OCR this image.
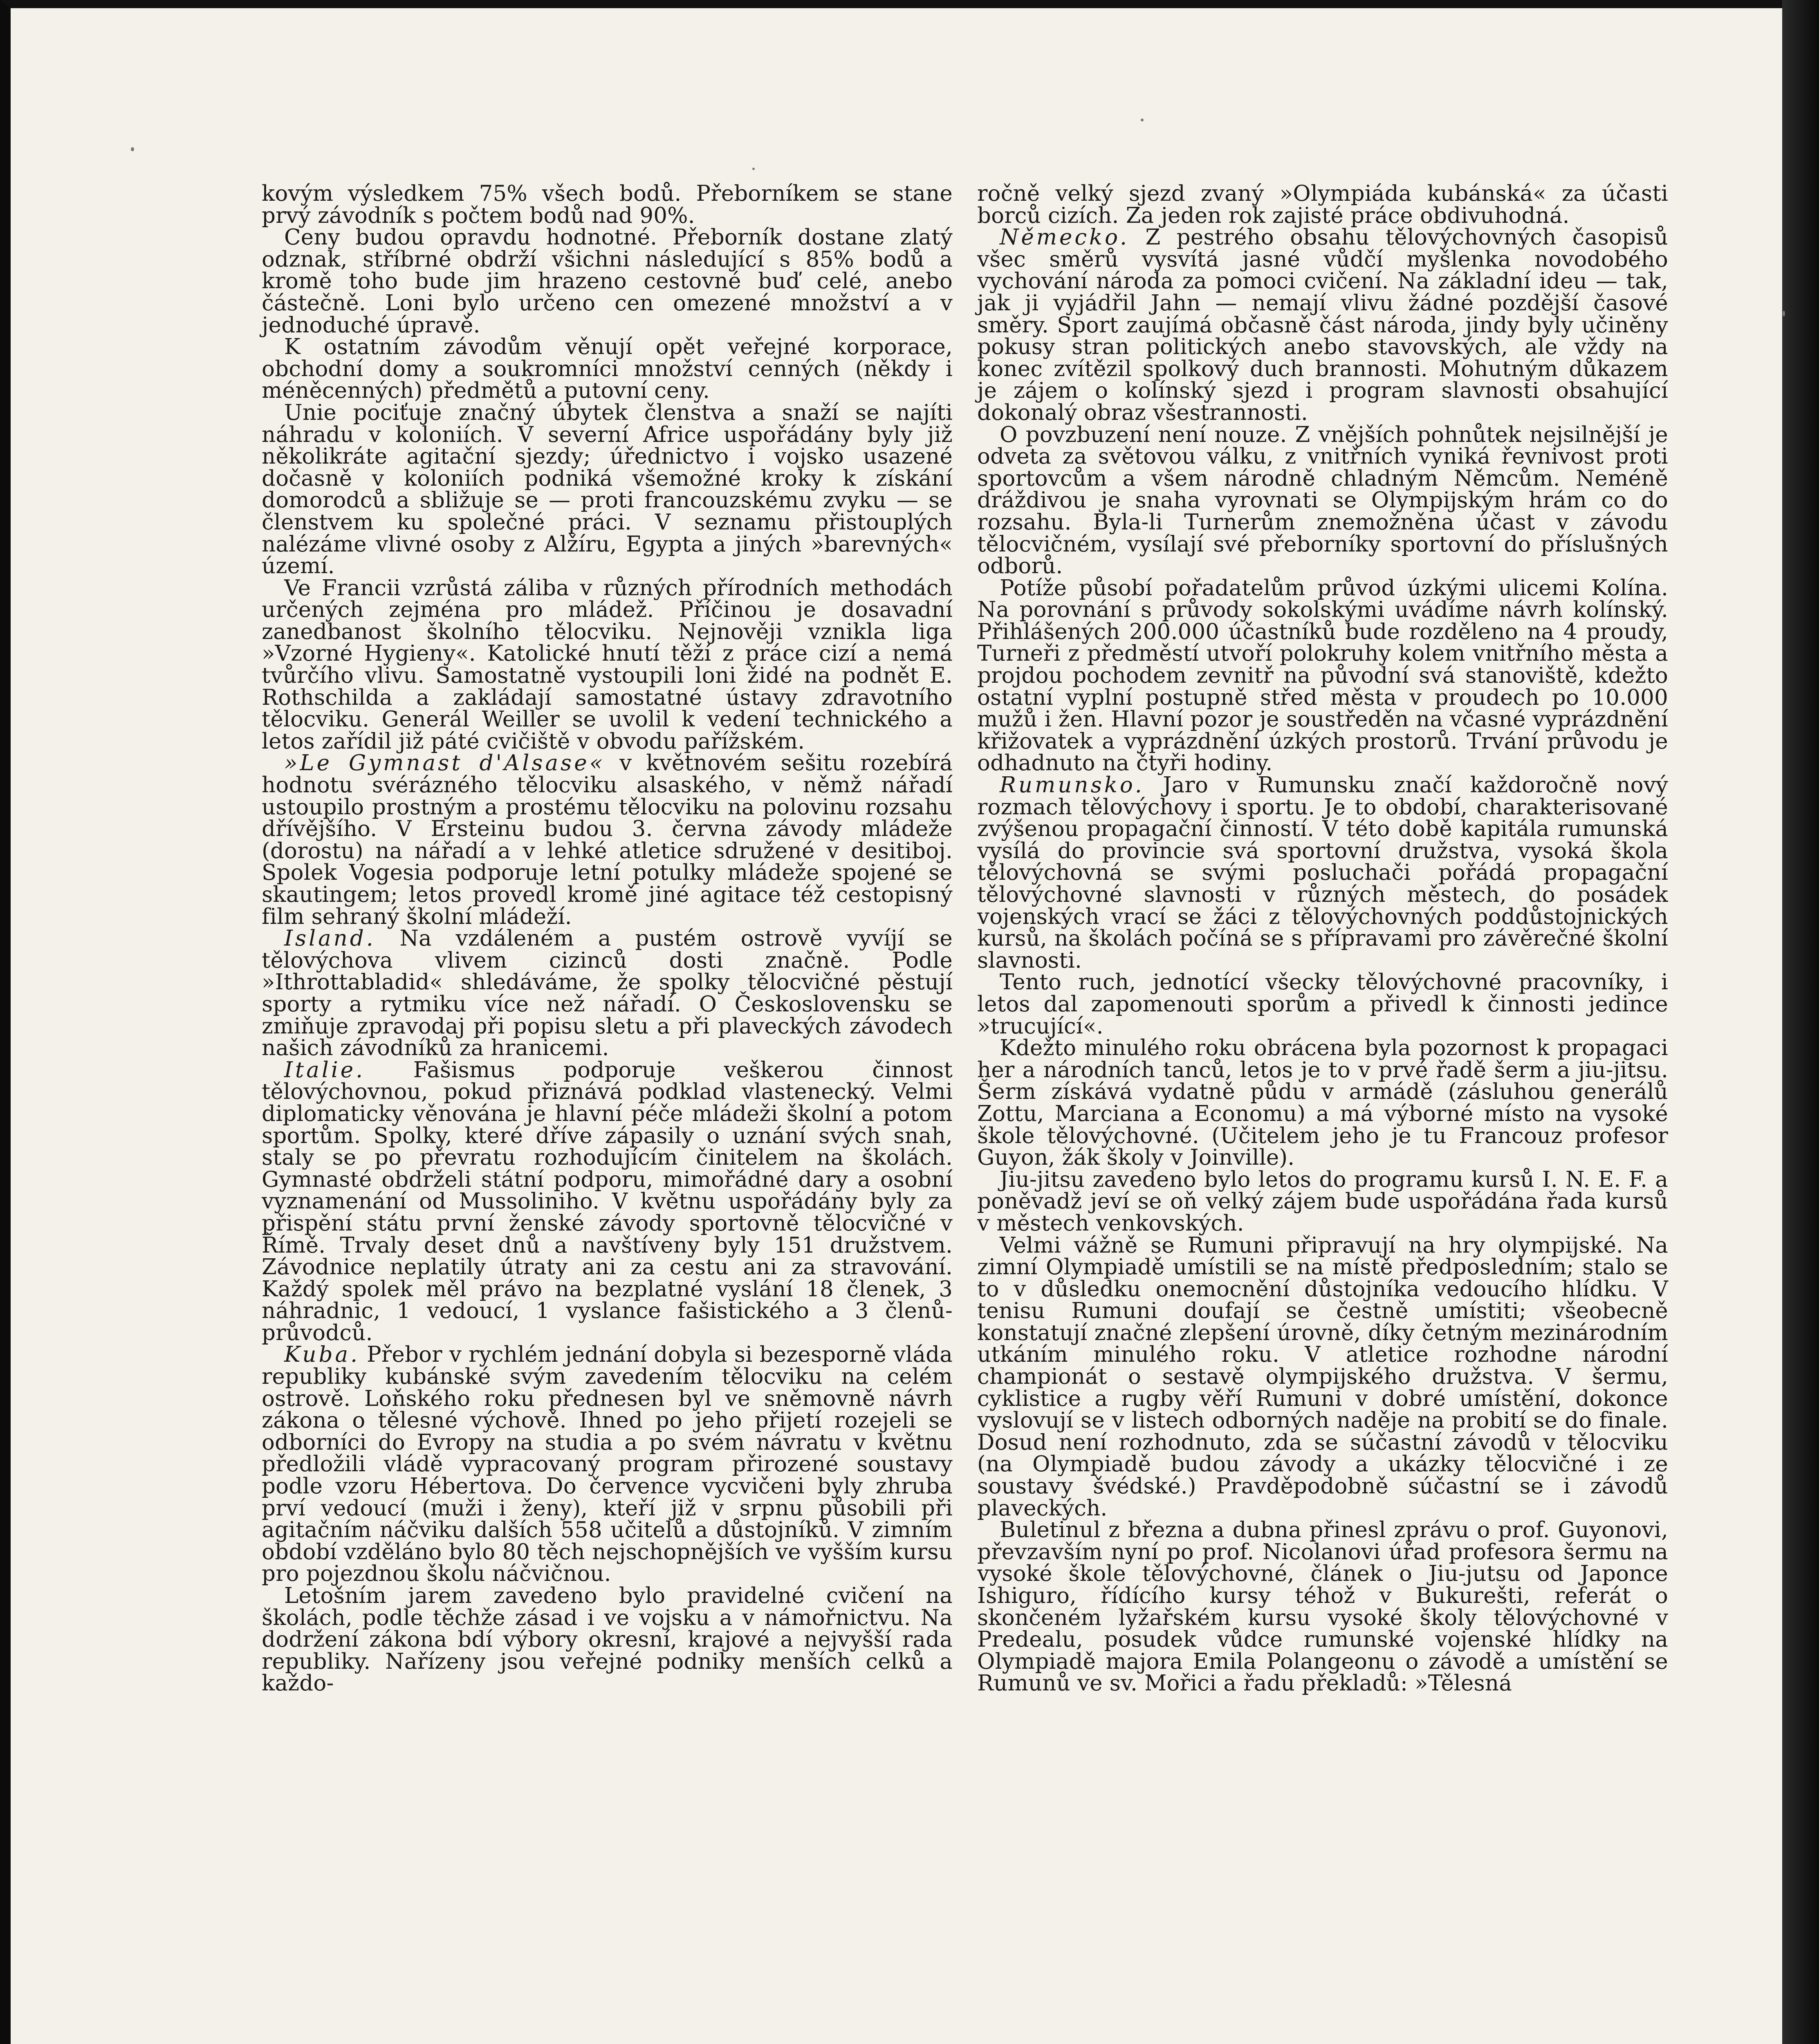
kovým výsledkem 75% všech bodů. Přeborníkem se stane prvý závodník s počtem bodů nad 90%.

Ceny budou opravdu hodnotné. Přeborník dostane zlatý odznak, stříbrné obdrží všichni následující s 85% bodů a kromě toho bude jim hrazeno cestovné buď celé, anebo částečně. Loni bylo určeno cen omezené množství a v jednoduché úpravě.

K ostatním závodům věnují opět veřejné korporace, obchodní domy a soukromníci množství cenných (někdy i méněcenných) předmětů a putovní ceny.

Unie pociťuje značný úbytek členstva a snaží se najíti náhradu v koloniích. V severní Africe uspořádány byly již několikráte agitační sjezdy; úřednictvo i vojsko usazené dočasně v koloniích podniká všemožné kroky k získání domorodců a sbližuje se — proti francouzskému zvyku — se členstvem ku společné práci. V seznamu přistouplých nalézáme vlivné osoby z Alžíru, Egypta a jiných »barevných« území.

Ve Francii vzrůstá záliba v různých přírodních methodách určených zejména pro mládež. Příčinou je dosavadní zanedbanost školního tělocviku. Nejnověji vznikla liga »Vzorné Hygieny«. Katolické hnutí těží z práce cizí a nemá tvůrčího vlivu. Samostatně vystoupili loni židé na podnět E. Rothschilda a zakládají samostatné ústavy zdravotního tělocviku. Generál Weiller se uvolil k vedení technického a letos zařídil již páté cvičiště v obvodu pařížském.

»Le Gymnast d'Alsase« v květnovém sešitu rozebírá hodnotu svérázného tělocviku alsaského, v němž nářadí ustoupilo prostným a prostému tělocviku na polovinu rozsahu dřívějšího. V Ersteinu budou 3. června závody mládeže (dorostu) na nářadí a v lehké atletice sdružené v desitiboj. Spolek Vogesia podporuje letní potulky mládeže spojené se skautingem; letos provedl kromě jiné agitace též cestopisný film sehraný školní mládeží.

Island. Na vzdáleném a pustém ostrově vyvíjí se tělovýchova vlivem cizinců dosti značně. Podle »Ithrottabladid« shledáváme, že spolky tělocvičné pěstují sporty a rytmiku více než nářadí. O Československu se zmiňuje zpravodaj při popisu sletu a při plaveckých závodech našich závodníků za hranicemi.

Italie. Fašismus podporuje veškerou činnost tělovýchovnou, pokud přiznává podklad vlastenecký. Velmi diplomaticky věnována je hlavní péče mládeži školní a potom sportům. Spolky, které dříve zápasily o uznání svých snah, staly se po převratu rozhodujícím činitelem na školách. Gymnasté obdrželi státní podporu, mimořádné dary a osobní vyznamenání od Mussoliniho. V květnu uspořádány byly za přispění státu první ženské závody sportovně tělocvičné v Římě. Trvaly deset dnů a navštíveny byly 151 družstvem. Závodnice neplatily útraty ani za cestu ani za stravování. Každý spolek měl právo na bezplatné vyslání 18 členek, 3 náhradnic, 1 vedoucí, 1 vyslance fašistického a 3 členů-průvodců.

Kuba. Přebor v rychlém jednání dobyla si bezesporně vláda republiky kubánské svým zavedením tělocviku na celém ostrově. Loňského roku přednesen byl ve sněmovně návrh zákona o tělesné výchově. Ihned po jeho přijetí rozejeli se odborníci do Evropy na studia a po svém návratu v květnu předložili vládě vypracovaný program přirozené soustavy podle vzoru Hébertova. Do července vycvičeni byly zhruba prví vedoucí (muži i ženy), kteří již v srpnu působili při agitačním náčviku dalších 558 učitelů a důstojníků. V zimním období vzděláno bylo 80 těch nejschopnějších ve vyšším kursu pro pojezdnou školu náčvičnou.

Letošním jarem zavedeno bylo pravidelné cvičení na školách, podle těchže zásad i ve vojsku a v námořnictvu. Na dodržení zákona bdí výbory okresní, krajové a nejvyšší rada republiky. Nařízeny jsou veřejné podniky menších celků a každo-

ročně velký sjezd zvaný »Olympiáda kubánská« za účasti borců cizích. Za jeden rok zajisté práce obdivuhodná.

Německo. Z pestrého obsahu tělovýchovných časopisů všec směrů vysvítá jasné vůdčí myšlenka novodobého vychování národa za pomoci cvičení. Na základní ideu — tak, jak ji vyjádřil Jahn — nemají vlivu žádné pozdější časové směry. Sport zaujímá občasně část národa, jindy byly učiněny pokusy stran politických anebo stavovských, ale vždy na konec zvítězil spolkový duch brannosti. Mohutným důkazem je zájem o kolínský sjezd i program slavnosti obsahující dokonalý obraz všestrannosti.

O povzbuzení není nouze. Z vnějších pohnůtek nejsilnější je odveta za světovou válku, z vnitřních vyniká řevnivost proti sportovcům a všem národně chladným Němcům. Neméně dráždivou je snaha vyrovnati se Olympijským hrám co do rozsahu. Byla-li Turnerům znemožněna účast v závodu tělocvičném, vysílají své přeborníky sportovní do příslušných odborů.

Potíže působí pořadatelům průvod úzkými ulicemi Kolína. Na porovnání s průvody sokolskými uvádíme návrh kolínský. Přihlášených 200.000 účastníků bude rozděleno na 4 proudy, Turneři z předměstí utvoří polokruhy kolem vnitřního města a projdou pochodem zevnitř na původní svá stanoviště, kdežto ostatní vyplní postupně střed města v proudech po 10.000 mužů i žen. Hlavní pozor je soustředěn na včasné vyprázdnění křižovatek a vyprázdnění úzkých prostorů. Trvání průvodu je odhadnuto na čtyři hodiny.

Rumunsko. Jaro v Rumunsku značí každoročně nový rozmach tělovýchovy i sportu. Je to období, charakterisované zvýšenou propagační činností. V této době kapitála rumunská vysílá do provincie svá sportovní družstva, vysoká škola tělovýchovná se svými posluchači pořádá propagační tělovýchovné slavnosti v různých městech, do posádek vojenských vrací se žáci z tělovýchovných poddůstojnických kursů, na školách počíná se s přípravami pro závěrečné školní slavnosti.

Tento ruch, jednotící všecky tělovýchovné pracovníky, i letos dal zapomenouti sporům a přivedl k činnosti jedince »trucující«.

Kdežto minulého roku obrácena byla pozornost k propagaci her a národních tanců, letos je to v prvé řadě šerm a jiu-jitsu. Šerm získává vydatně půdu v armádě (zásluhou generálů Zottu, Marciana a Economu) a má výborné místo na vysoké škole tělovýchovné. (Učitelem jeho je tu Francouz profesor Guyon, žák školy v Joinville).

Jiu-jitsu zavedeno bylo letos do programu kursů I. N. E. F. a poněvadž jeví se oň velký zájem bude uspořádána řada kursů v městech venkovských.

Velmi vážně se Rumuni připravují na hry olympijské. Na zimní Olympiadě umístili se na místě předposledním; stalo se to v důsledku onemocnění důstojníka vedoucího hlídku. V tenisu Rumuni doufají se čestně umístiti; všeobecně konstatují značné zlepšení úrovně, díky četným mezinárodním utkáním minulého roku. V atletice rozhodne národní championát o sestavě olympijského družstva. V šermu, cyklistice a rugby věří Rumuni v dobré umístění, dokonce vyslovují se v listech odborných naděje na probití se do finale. Dosud není rozhodnuto, zda se súčastní závodů v tělocviku (na Olympiadě budou závody a ukázky tělocvičné i ze soustavy švédské.) Pravděpodobně súčastní se i závodů plaveckých.

Buletinul z března a dubna přinesl zprávu o prof. Guyonovi, převzavším nyní po prof. Nicolanovi úřad profesora šermu na vysoké škole tělovýchovné, článek o Jiu-jutsu od Japonce Ishiguro, řídícího kursy téhož v Bukurešti, referát o skončeném lyžařském kursu vysoké školy tělovýchovné v Predealu, posudek vůdce rumunské vojenské hlídky na Olympiadě majora Emila Polangeonu o závodě a umístění se Rumunů ve sv. Mořici a řadu překladů: »Tělesná
